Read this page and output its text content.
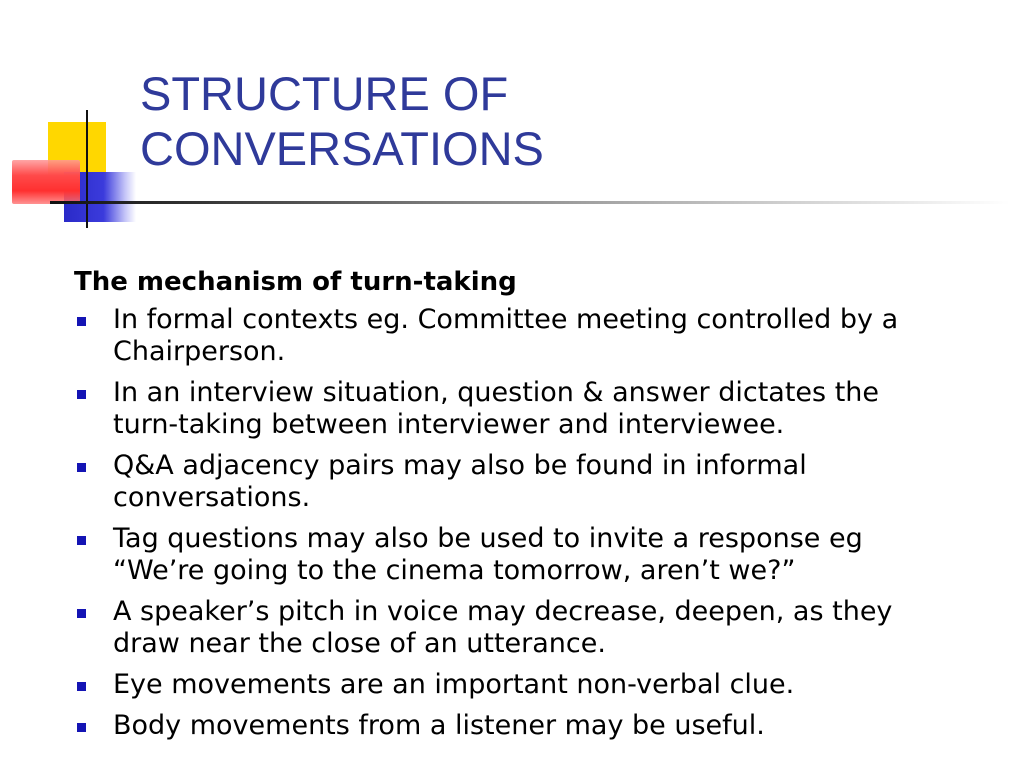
STRUCTURE OF
CONVERSATIONS
The mechanism of turn-taking
In formal contexts eg. Committee meeting controlled by a
Chairperson.
In an interview situation, question & answer dictates the
turn-taking between interviewer and interviewee.
Q&A adjacency pairs may also be found in informal
conversations.
Tag questions may also be used to invite a response eg
“We’re going to the cinema tomorrow, aren’t we?”
A speaker’s pitch in voice may decrease, deepen, as they
draw near the close of an utterance.
Eye movements are an important non-verbal clue.
Body movements from a listener may be useful.
